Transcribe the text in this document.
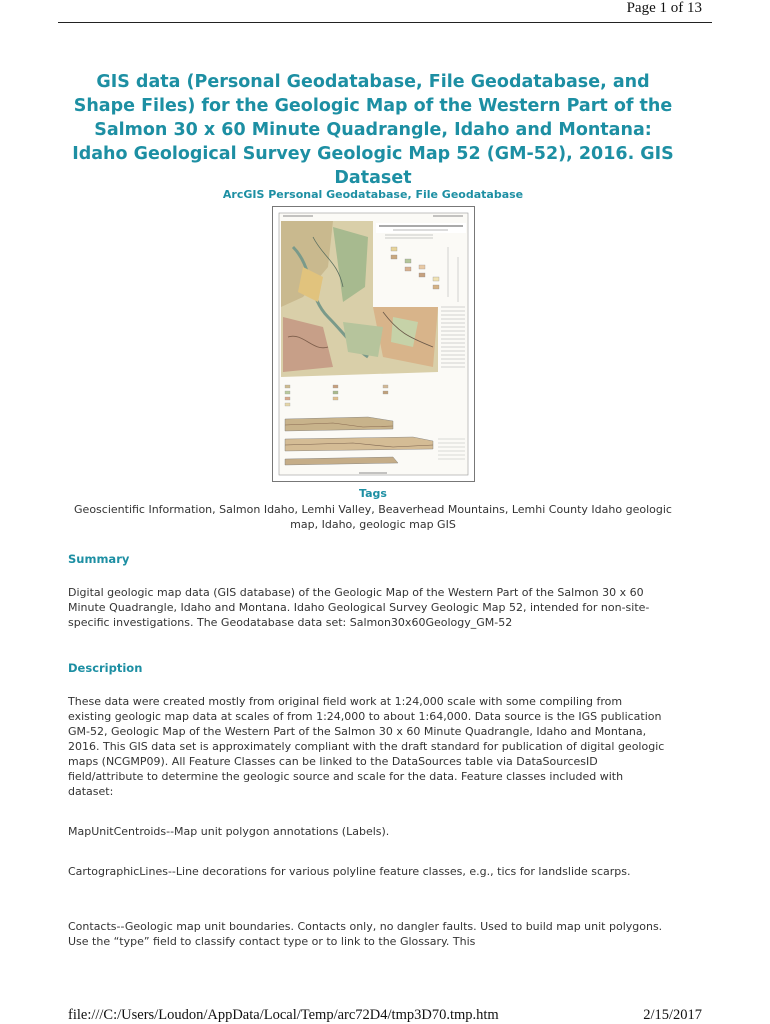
Page 1 of 13
GIS data (Personal Geodatabase, File Geodatabase, and Shape Files) for the Geologic Map of the Western Part of the Salmon 30 x 60 Minute Quadrangle, Idaho and Montana: Idaho Geological Survey Geologic Map 52 (GM-52), 2016. GIS Dataset
ArcGIS Personal Geodatabase, File Geodatabase
Tags
Geoscientific Information, Salmon Idaho, Lemhi Valley, Beaverhead Mountains, Lemhi County Idaho geologic map, Idaho, geologic map GIS
Summary

Digital geologic map data (GIS database) of the Geologic Map of the Western Part of the Salmon 30 x 60 Minute Quadrangle, Idaho and Montana. Idaho Geological Survey Geologic Map 52, intended for non-site-specific investigations. The Geodatabase data set: Salmon30x60Geology_GM-52

Description

These data were created mostly from original field work at 1:24,000 scale with some compiling from existing geologic map data at scales of from 1:24,000 to about 1:64,000. Data source is the IGS publication GM-52, Geologic Map of the Western Part of the Salmon 30 x 60 Minute Quadrangle, Idaho and Montana, 2016. This GIS data set is approximately compliant with the draft standard for publication of digital geologic maps (NCGMP09). All Feature Classes can be linked to the DataSources table via DataSourcesID field/attribute to determine the geologic source and scale for the data. Feature classes included with dataset:

MapUnitCentroids--Map unit polygon annotations (Labels).

CartographicLines--Line decorations for various polyline feature classes, e.g., tics for landslide scarps.

Contacts--Geologic map unit boundaries. Contacts only, no dangler faults. Used to build map unit polygons. Use the “type” field to classify contact type or to link to the Glossary. This

file:///C:/Users/Loudon/AppData/Local/Temp/arc72D4/tmp3D70.tmp.htm	2/15/2017
